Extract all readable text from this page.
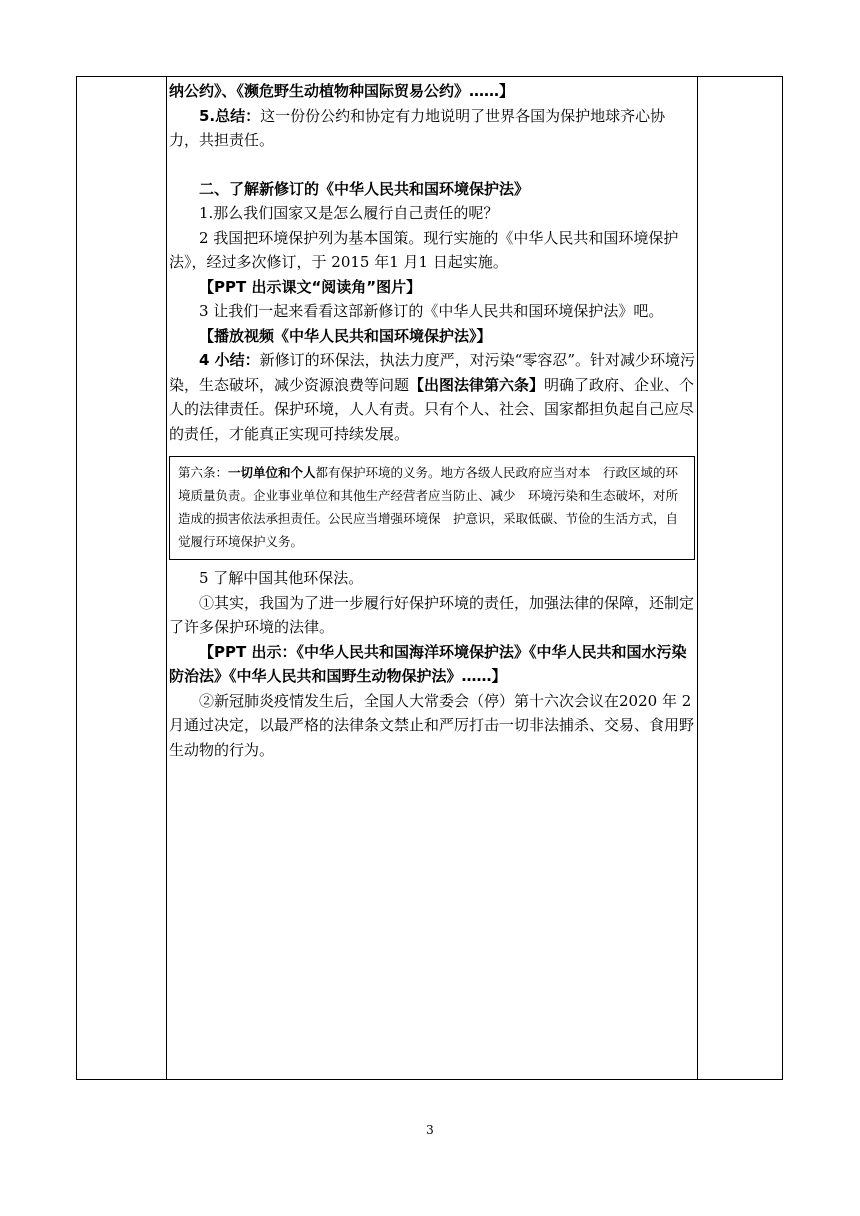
纳公约》、《濒危野生动植物种国际贸易公约》……】

5.总结：这一份份公约和协定有力地说明了世界各国为保护地球齐心协力，共担责任。

二、了解新修订的《中华人民共和国环境保护法》

1.那么我们国家又是怎么履行自己责任的呢？

2 我国把环境保护列为基本国策。现行实施的《中华人民共和国环境保护法》，经过多次修订，于 2015 年1 月1 日起实施。

【PPT 出示课文“阅读角”图片】

3 让我们一起来看看这部新修订的《中华人民共和国环境保护法》吧。

【播放视频《中华人民共和国环境保护法》】

4 小结：新修订的环保法，执法力度严，对污染“零容忍”。针对减少环境污染，生态破坏，减少资源浪费等问题【出图法律第六条】明确了政府、企业、个人的法律责任。保护环境，人人有责。只有个人、社会、国家都担负起自己应尽的责任，才能真正实现可持续发展。

第六条：一切单位和个人都有保护环境的义务。地方各级人民政府应当对本　行政区域的环境质量负责。企业事业单位和其他生产经营者应当防止、减少　环境污染和生态破坏，对所造成的损害依法承担责任。公民应当增强环境保　护意识，采取低碳、节俭的生活方式，自觉履行环境保护义务。

5 了解中国其他环保法。

①其实，我国为了进一步履行好保护环境的责任，加强法律的保障，还制定了许多保护环境的法律。

【PPT 出示：《中华人民共和国海洋环境保护法》《中华人民共和国水污染防治法》《中华人民共和国野生动物保护法》……】

②新冠肺炎疫情发生后，全国人大常委会（停）第十六次会议在2020 年 2 月通过决定，以最严格的法律条文禁止和严厉打击一切非法捕杀、交易、食用野生动物的行为。

3
